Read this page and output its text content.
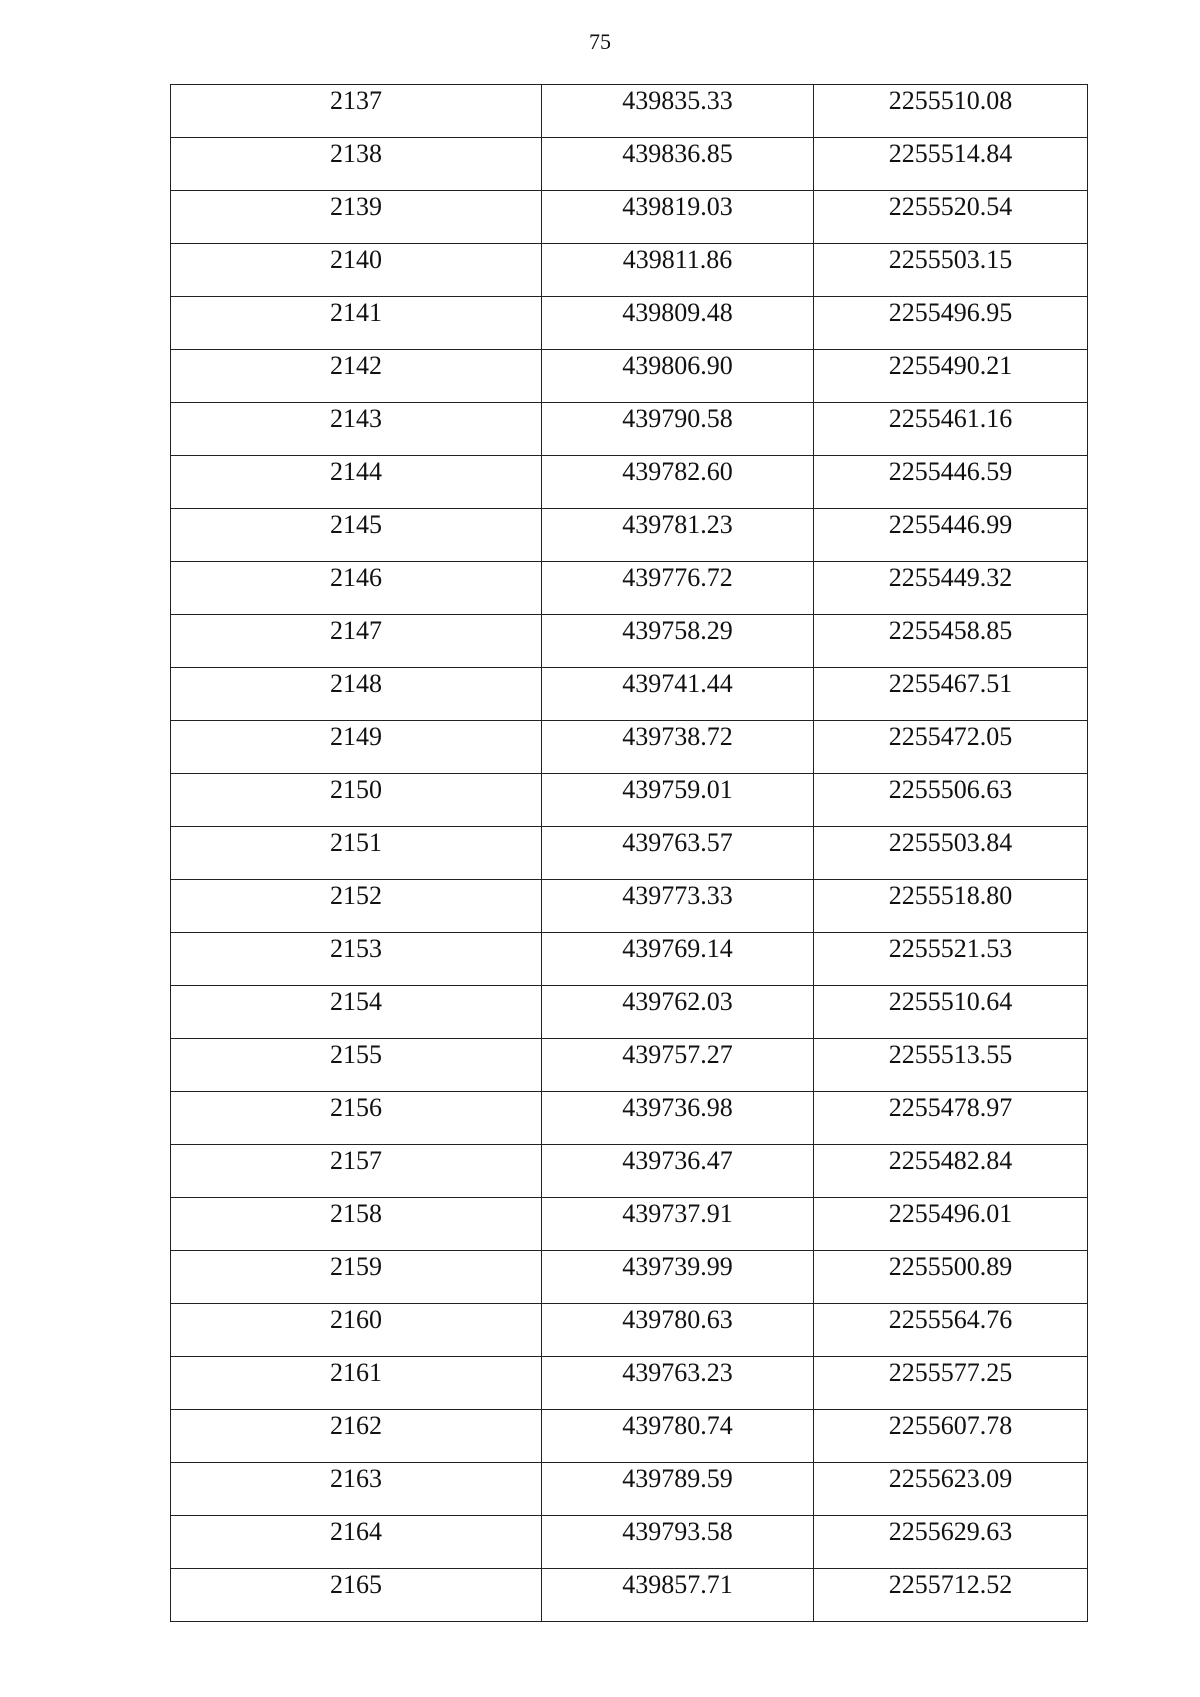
75
2137	439835.33	2255510.08

2138	439836.85	2255514.84

2139	439819.03	2255520.54

2140	439811.86	2255503.15

2141	439809.48	2255496.95

2142	439806.90	2255490.21

2143	439790.58	2255461.16

2144	439782.60	2255446.59

2145	439781.23	2255446.99

2146	439776.72	2255449.32

2147	439758.29	2255458.85

2148	439741.44	2255467.51

2149	439738.72	2255472.05

2150	439759.01	2255506.63

2151	439763.57	2255503.84

2152	439773.33	2255518.80

2153	439769.14	2255521.53

2154	439762.03	2255510.64

2155	439757.27	2255513.55

2156	439736.98	2255478.97

2157	439736.47	2255482.84

2158	439737.91	2255496.01

2159	439739.99	2255500.89

2160	439780.63	2255564.76

2161	439763.23	2255577.25

2162	439780.74	2255607.78

2163	439789.59	2255623.09

2164	439793.58	2255629.63

2165	439857.71	2255712.52
